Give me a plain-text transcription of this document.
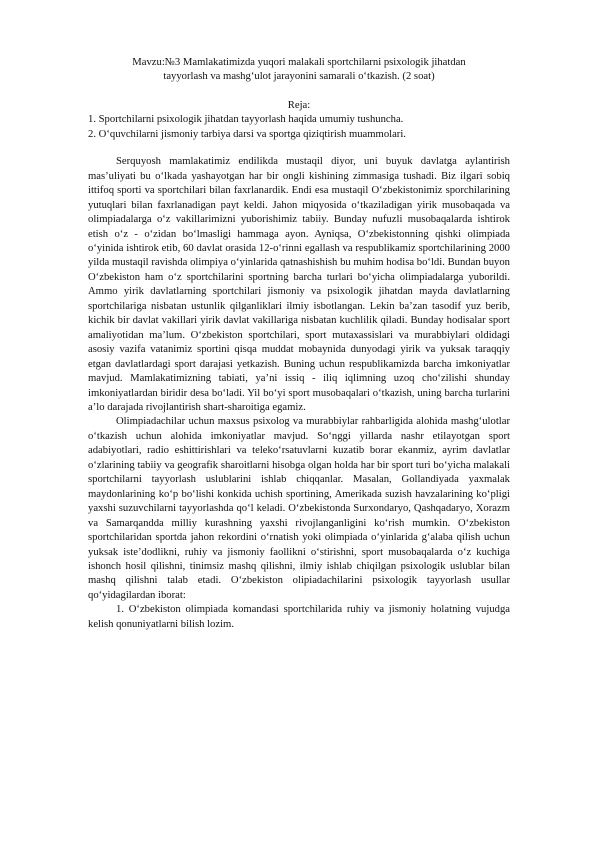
Mavzu:№3 Mamlakatimizda yuqori malakali sportchilarni psixologik jihatdan

tayyorlash va mashg‘ulot jarayonini samarali o‘tkazish. (2 soat)

Reja:

1. Sportchilarni psixologik jihatdan tayyorlash haqida umumiy tushuncha.
2. O‘quvchilarni jismoniy tarbiya darsi va sportga qiziqtirish muammolari.

Serquyosh mamlakatimiz endilikda mustaqil diyor, uni buyuk davlatga aylantirish mas’uliyati bu o‘lkada yashayotgan har bir ongli kishining zimmasiga tushadi. Biz ilgari sobiq ittifoq sporti va sportchilari bilan faxrlanardik. Endi esa mustaqil O‘zbekistonimiz sporchilarining yutuqlari bilan faxrlanadigan payt keldi. Jahon miqyosida o‘tkaziladigan yirik musobaqada va olimpiadalarga o‘z vakillarimizni yuborishimiz tabiiy. Bunday nufuzli musobaqalarda ishtirok etish o‘z - o‘zidan bo‘lmasligi hammaga ayon. Ayniqsa, O‘zbekistonning qishki olimpiada o‘yinida ishtirok etib, 60 davlat orasida 12-o‘rinni egallash va respublikamiz sportchilarining 2000 yilda mustaqil ravishda olimpiya o‘yinlarida qatnashishish bu muhim hodisa bo‘ldi. Bundan buyon O‘zbekiston ham o‘z sportchilarini sportning barcha turlari bo‘yicha olimpiadalarga yuborildi. Ammo yirik davlatlarning sportchilari jismoniy va psixologik jihatdan mayda davlatlarning sportchilariga nisbatan ustunlik qilganliklari ilmiy isbotlangan. Lekin ba’zan tasodif yuz berib, kichik bir davlat vakillari yirik davlat vakillariga nisbatan kuchlilik qiladi. Bunday hodisalar sport amaliyotidan ma’lum. O‘zbekiston sportchilari, sport mutaxassislari va murabbiylari oldidagi asosiy vazifa vatanimiz sportini qisqa muddat mobaynida dunyodagi yirik va yuksak taraqqiy etgan davlatlardagi sport darajasi yetkazish. Buning uchun respublikamizda barcha imkoniyatlar mavjud. Mamlakatimizning tabiati, ya’ni issiq - iliq iqlimning uzoq cho‘zilishi shunday imkoniyatlardan biridir desa bo‘ladi. Yil bo‘yi sport musobaqalari o‘tkazish, uning barcha turlarini a’lo darajada rivojlantirish shart-sharoitiga egamiz.

Olimpiadachilar uchun maxsus psixolog va murabbiylar rahbarligida alohida mashg‘ulotlar o‘tkazish uchun alohida imkoniyatlar mavjud. So‘nggi yillarda nashr etilayotgan sport adabiyotlari, radio eshittirishlari va teleko‘rsatuvlarni kuzatib borar ekanmiz, ayrim davlatlar o‘zlarining tabiiy va geografik sharoitlarni hisobga olgan holda har bir sport turi bo‘yicha malakali sportchilarni tayyorlash uslublarini ishlab chiqqanlar. Masalan, Gollandiyada yaxmalak maydonlarining ko‘p bo‘lishi konkida uchish sportining, Amerikada suzish havzalarining ko‘pligi yaxshi suzuvchilarni tayyorlashda qo‘l keladi. O‘zbekistonda Surxondaryo, Qashqadaryo, Xorazm va Samarqandda milliy kurashning yaxshi rivojlanganligini ko‘rish mumkin. O‘zbekiston sportchilaridan sportda jahon rekordini o‘rnatish yoki olimpiada o‘yinlarida g‘alaba qilish uchun yuksak iste’dodlikni, ruhiy va jismoniy faollikni o‘stirishni, sport musobaqalarda o‘z kuchiga ishonch hosil qilishni, tinimsiz mashq qilishni, ilmiy ishlab chiqilgan psixologik uslublar bilan mashq qilishni talab etadi. O‘zbekiston olipiadachilarini psixologik tayyorlash usullar qo‘yidagilardan iborat:

1. O‘zbekiston olimpiada komandasi sportchilarida ruhiy va jismoniy holatning vujudga kelish qonuniyatlarni bilish lozim.
